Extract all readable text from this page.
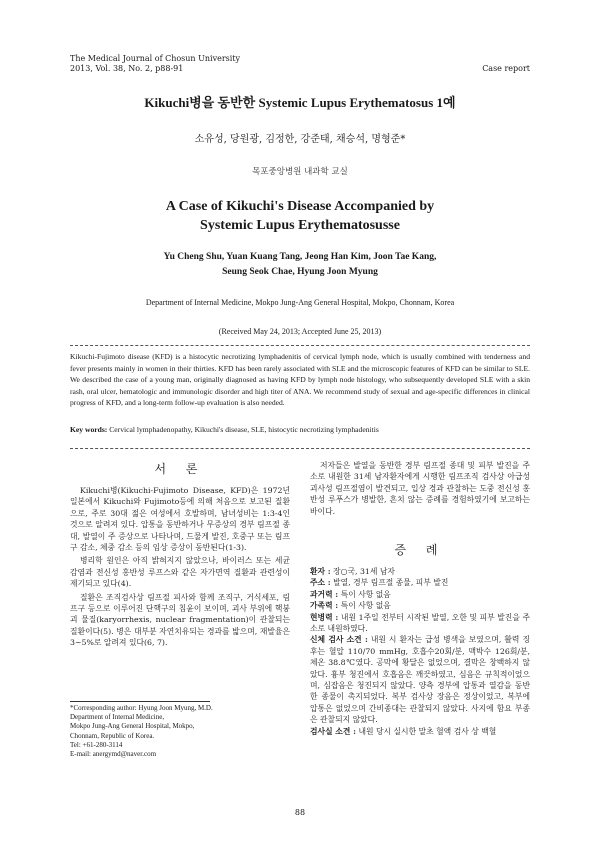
The Medical Journal of Chosun University
2013, Vol. 38, No. 2, p88-91	Case report
Kikuchi병을 동반한 Systemic Lupus Erythematosus 1예
소유성, 당원광, 김정한, 강준태, 채승석, 명형준*
목포중앙병원 내과학 교실
A Case of Kikuchi's Disease Accompanied by
Systemic Lupus Erythematosusse
Yu Cheng Shu, Yuan Kuang Tang, Jeong Han Kim, Joon Tae Kang,
Seung Seok Chae, Hyung Joon Myung
Department of Internal Medicine, Mokpo Jung-Ang General Hospital, Mokpo, Chonnam, Korea
(Received May 24, 2013; Accepted June 25, 2013)
Kikuchi-Fujimoto disease (KFD) is a histocytic necrotizing lymphadenitis of cervical lymph node, which is usually combined with tenderness and fever presents mainly in women in their thirties. KFD has been rarely associated with SLE and the microscopic features of KFD can be similar to SLE. We described the case of a young man, originally diagnosed as having KFD by lymph node histology, who subsequently developed SLE with a skin rash, oral ulcer, hematologic and immunologic disorder and high titer of ANA. We recommend study of sexual and age-specific differences in clinical progress of KFD, and a long-term follow-up evaluation is also needed.
Key words: Cervical lymphadenopathy, Kikuchi's disease, SLE, histocytic necrotizing lymphadenitis
서 론

Kikuchi병(Kikuchi-Fujimoto Disease, KFD)은 1972년 일본에서 Kikuchi와 Fujimoto등에 의해 처음으로 보고된 질환으로, 주로 30대 젊은 여성에서 호발하며, 남녀성비는 1:3-4인 것으로 알려져 있다. 압통을 동반하거나 무증상의 경부 림프절 종대, 발열이 주 증상으로 나타나며, 드물게 발진, 호중구 또는 림프구 감소, 체중 감소 등의 임상 증상이 동반된다(1-3).

병리학 원인은 아직 밝혀지지 않았으나, 바이러스 또는 세균 감염과 전신성 홍반성 루프스와 같은 자가면역 질환과 관련성이 제기되고 있다(4).

질환은 조직검사상 림프절 피사와 함께 조직구, 거식세포, 림프구 등으로 이루어진 단핵구의 침윤이 보이며, 괴사 부위에 핵붕괴 물질(karyorrhexis, nuclear fragmentation)이 관찰되는 질환이다(5). 병은 대부분 자연치유되는 경과를 밟으며, 재발율은 3~5%로 알려져 있다(6, 7).

*Corresponding author: Hyung Joon Myung, M.D.
Department of Internal Medicine,
Mokpo Jung-Ang General Hospital, Mokpo,
Chonnam, Republic of Korea.
Tel: +61-280-3114
E-mail: anergymd@naver.com
저자들은 발열을 동반한 경부 림프절 종대 및 피부 발진을 주소로 내원한 31세 남자환자에게 시행한 림프조직 검사상 아급성 괴사성 림프절염이 발견되고, 입상 경과 관찰하는 도중 전신성 홍반성 루푸스가 병발한, 흔치 않는 증례를 경험하였기에 보고하는 바이다.
증 례
환자 : 장○국, 31세 남자
주소 : 발열, 경부 림프절 종물, 피부 발진
과거력 : 특이 사항 없음
가족력 : 특이 사항 없음
현병력 : 내원 1주일 전부터 시작된 발열, 오한 및 피부 발진을 주소로 내원하였다.
신체 검사 소견 : 내원 시 환자는 급성 병색을 보였으며, 활력 징후는 혈압 110/70 mmHg, 호흡수20회/분, 맥박수 126회/분, 체온 38.8℃였다. 공막에 황달은 없었으며, 결막은 창백하지 않았다. 흉부 청진에서 호흡음은 깨끗하였고, 심음은 규칙적이었으며, 심잡음은 청진되지 않았다. 양측 경부에 압통과 열감을 동반한 종물이 촉지되었다. 복부 검사상 장음은 정상이었고, 복부에 압통은 없었으며 간비종대는 관찰되지 않았다. 사지에 함요 부종은 관찰되지 않았다.
검사실 소견 : 내원 당시 실시한 말초 혈액 검사 상 백혈
88
